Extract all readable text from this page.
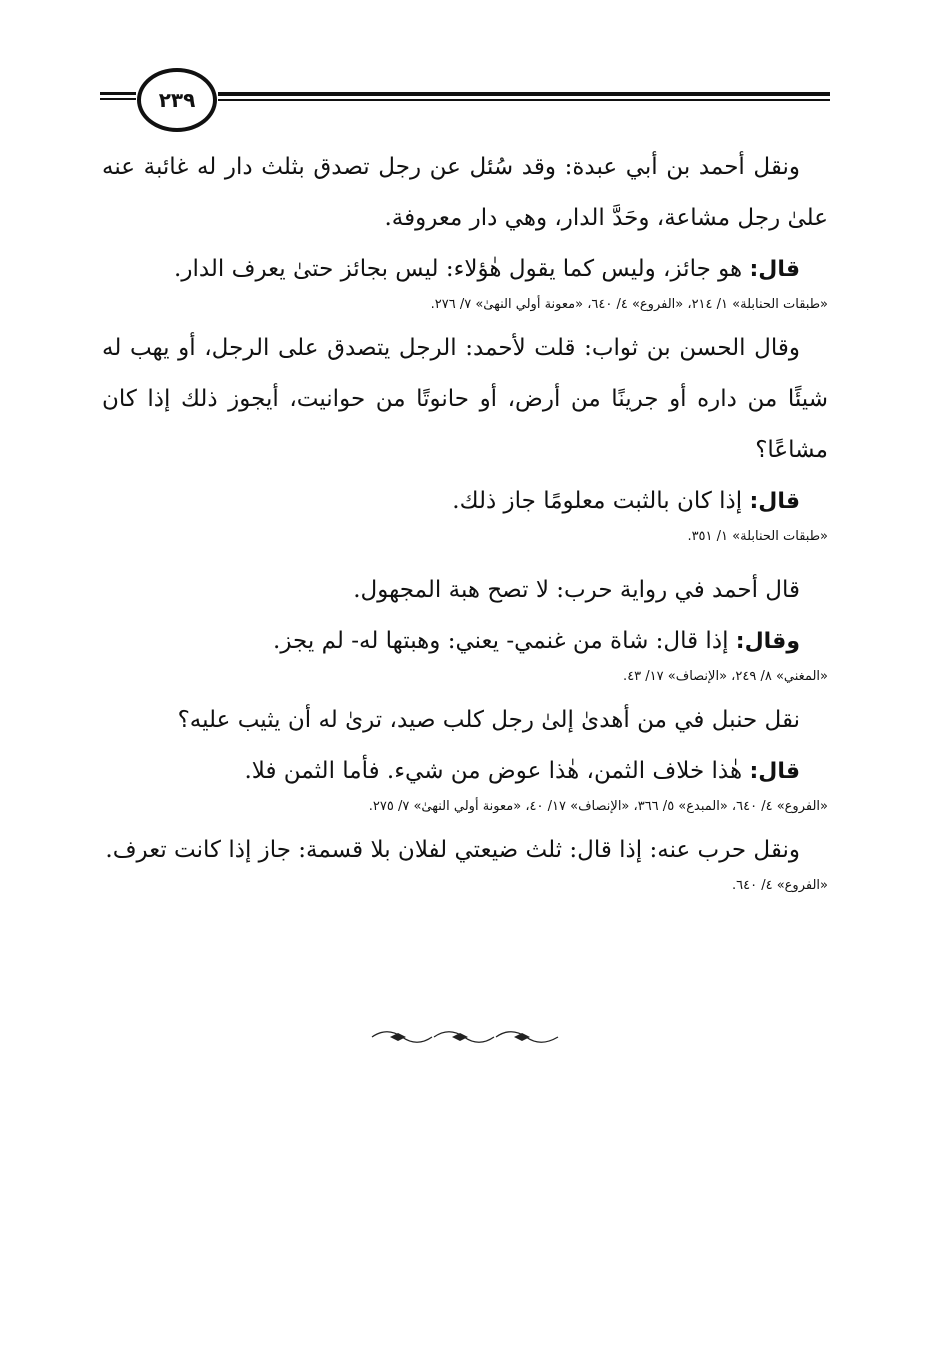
٢٣٩

ونقل أحمد بن أبي عبدة: وقد سُئل عن رجل تصدق بثلث دار له غائبة عنه علىٰ رجل مشاعة، وحَدَّ الدار، وهي دار معروفة.

قال: هو جائز، وليس كما يقول هٰؤلاء: ليس بجائز حتىٰ يعرف الدار.

«طبقات الحنابلة» ١/ ٢١٤، «الفروع» ٤/ ٦٤٠، «معونة أولي النهىٰ» ٧/ ٢٧٦.

وقال الحسن بن ثواب: قلت لأحمد: الرجل يتصدق على الرجل، أو يهب له شيئًا من داره أو جرينًا من أرض، أو حانوتًا من حوانيت، أيجوز ذلك إذا كان مشاعًا؟

قال: إذا كان بالثبت معلومًا جاز ذلك.

«طبقات الحنابلة» ١/ ٣٥١.

قال أحمد في رواية حرب: لا تصح هبة المجهول.

وقال: إذا قال: شاة من غنمي- يعني: وهبتها له- لم يجز.

«المغني» ٨/ ٢٤٩، «الإنصاف» ١٧/ ٤٣.

نقل حنبل في من أهدىٰ إلىٰ رجل كلب صيد، ترىٰ له أن يثيب عليه؟

قال: هٰذا خلاف الثمن، هٰذا عوض من شيء. فأما الثمن فلا.

«الفروع» ٤/ ٦٤٠، «المبدع» ٥/ ٣٦٦، «الإنصاف» ١٧/ ٤٠، «معونة أولي النهىٰ» ٧/ ٢٧٥.

ونقل حرب عنه: إذا قال: ثلث ضيعتي لفلان بلا قسمة: جاز إذا كانت تعرف.

«الفروع» ٤/ ٦٤٠.
